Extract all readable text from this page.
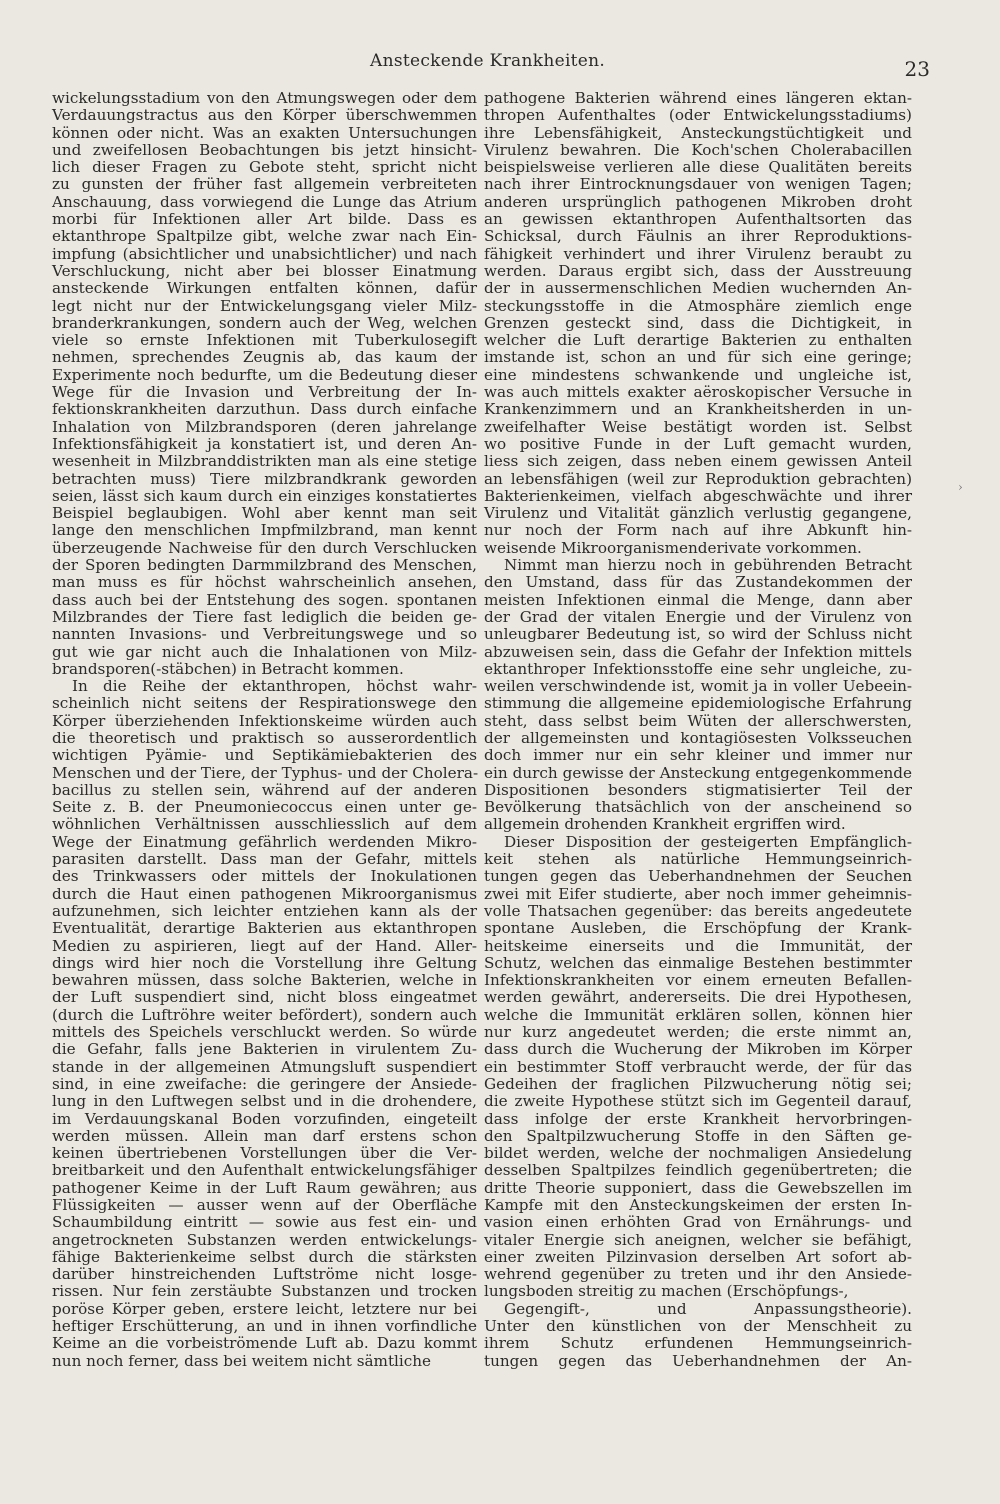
Ansteckende Krankheiten.	23
wickelungsstadium von den Atmungswegen oder dem
Verdauungstractus aus den Körper überschwemmen
können oder nicht. Was an exakten Untersuchungen
und zweifellosen Beobachtungen bis jetzt hinsicht-
lich dieser Fragen zu Gebote steht, spricht nicht
zu gunsten der früher fast allgemein verbreiteten
Anschauung, dass vorwiegend die Lunge das Atrium
morbi für Infektionen aller Art bilde. Dass es
ektanthrope Spaltpilze gibt, welche zwar nach Ein-
impfung (absichtlicher und unabsichtlicher) und nach
Verschluckung, nicht aber bei blosser Einatmung
ansteckende Wirkungen entfalten können, dafür
legt nicht nur der Entwickelungsgang vieler Milz-
branderkrankungen, sondern auch der Weg, welchen
viele so ernste Infektionen mit Tuberkulosegift
nehmen, sprechendes Zeugnis ab, das kaum der
Experimente noch bedurfte, um die Bedeutung dieser
Wege für die Invasion und Verbreitung der In-
fektionskrankheiten darzuthun. Dass durch einfache
Inhalation von Milzbrandsporen (deren jahrelange
Infektionsfähigkeit ja konstatiert ist, und deren An-
wesenheit in Milzbranddistrikten man als eine stetige
betrachten muss) Tiere milzbrandkrank geworden
seien, lässt sich kaum durch ein einziges konstatiertes
Beispiel beglaubigen. Wohl aber kennt man seit
lange den menschlichen Impfmilzbrand, man kennt
überzeugende Nachweise für den durch Verschlucken
der Sporen bedingten Darmmilzbrand des Menschen,
man muss es für höchst wahrscheinlich ansehen,
dass auch bei der Entstehung des sogen. spontanen
Milzbrandes der Tiere fast lediglich die beiden ge-
nannten Invasions- und Verbreitungswege und so
gut wie gar nicht auch die Inhalationen von Milz-
brandsporen(-stäbchen) in Betracht kommen.
In die Reihe der ektanthropen, höchst wahr-
scheinlich nicht seitens der Respirationswege den
Körper überziehenden Infektionskeime würden auch
die theoretisch und praktisch so ausserordentlich
wichtigen Pyämie- und Septikämiebakterien des
Menschen und der Tiere, der Typhus- und der Cholera-
bacillus zu stellen sein, während auf der anderen
Seite z. B. der Pneumoniecoccus einen unter ge-
wöhnlichen Verhältnissen ausschliesslich auf dem
Wege der Einatmung gefährlich werdenden Mikro-
parasiten darstellt. Dass man der Gefahr, mittels
des Trinkwassers oder mittels der Inokulationen
durch die Haut einen pathogenen Mikroorganismus
aufzunehmen, sich leichter entziehen kann als der
Eventualität, derartige Bakterien aus ektanthropen
Medien zu aspirieren, liegt auf der Hand. Aller-
dings wird hier noch die Vorstellung ihre Geltung
bewahren müssen, dass solche Bakterien, welche in
der Luft suspendiert sind, nicht bloss eingeatmet
(durch die Luftröhre weiter befördert), sondern auch
mittels des Speichels verschluckt werden. So würde
die Gefahr, falls jene Bakterien in virulentem Zu-
stande in der allgemeinen Atmungsluft suspendiert
sind, in eine zweifache: die geringere der Ansiede-
lung in den Luftwegen selbst und in die drohendere,
im Verdauungskanal Boden vorzufinden, eingeteilt
werden müssen. Allein man darf erstens schon
keinen übertriebenen Vorstellungen über die Ver-
breitbarkeit und den Aufenthalt entwickelungsfähiger
pathogener Keime in der Luft Raum gewähren; aus
Flüssigkeiten — ausser wenn auf der Oberfläche
Schaumbildung eintritt — sowie aus fest ein- und
angetrockneten Substanzen werden entwickelungs-
fähige Bakterienkeime selbst durch die stärksten
darüber hinstreichenden Luftströme nicht losge-
rissen. Nur fein zerstäubte Substanzen und trocken
poröse Körper geben, erstere leicht, letztere nur bei
heftiger Erschütterung, an und in ihnen vorfindliche
Keime an die vorbeiströmende Luft ab. Dazu kommt
nun noch ferner, dass bei weitem nicht sämtliche
pathogene Bakterien während eines längeren ektan-
thropen Aufenthaltes (oder Entwickelungsstadiums)
ihre Lebensfähigkeit, Ansteckungstüchtigkeit und
Virulenz bewahren. Die Koch'schen Cholerabacillen
beispielsweise verlieren alle diese Qualitäten bereits
nach ihrer Eintrocknungsdauer von wenigen Tagen;
anderen ursprünglich pathogenen Mikroben droht
an gewissen ektanthropen Aufenthaltsorten das
Schicksal, durch Fäulnis an ihrer Reproduktions-
fähigkeit verhindert und ihrer Virulenz beraubt zu
werden. Daraus ergibt sich, dass der Ausstreuung
der in aussermenschlichen Medien wuchernden An-
steckungsstoffe in die Atmosphäre ziemlich enge
Grenzen gesteckt sind, dass die Dichtigkeit, in
welcher die Luft derartige Bakterien zu enthalten
imstande ist, schon an und für sich eine geringe;
eine mindestens schwankende und ungleiche ist,
was auch mittels exakter aëroskopischer Versuche in
Krankenzimmern und an Krankheitsherden in un-
zweifelhafter Weise bestätigt worden ist. Selbst
wo positive Funde in der Luft gemacht wurden,
liess sich zeigen, dass neben einem gewissen Anteil
an lebensfähigen (weil zur Reproduktion gebrachten)
Bakterienkeimen, vielfach abgeschwächte und ihrer
Virulenz und Vitalität gänzlich verlustig gegangene,
nur noch der Form nach auf ihre Abkunft hin-
weisende Mikroorganismenderivate vorkommen.
Nimmt man hierzu noch in gebührenden Betracht
den Umstand, dass für das Zustandekommen der
meisten Infektionen einmal die Menge, dann aber
der Grad der vitalen Energie und der Virulenz von
unleugbarer Bedeutung ist, so wird der Schluss nicht
abzuweisen sein, dass die Gefahr der Infektion mittels
ektanthroper Infektionsstoffe eine sehr ungleiche, zu-
weilen verschwindende ist, womit ja in voller Uebeein-
stimmung die allgemeine epidemiologische Erfahrung
steht, dass selbst beim Wüten der allerschwersten,
der allgemeinsten und kontagiösesten Volksseuchen
doch immer nur ein sehr kleiner und immer nur
ein durch gewisse der Ansteckung entgegenkommende
Dispositionen besonders stigmatisierter Teil der
Bevölkerung thatsächlich von der anscheinend so
allgemein drohenden Krankheit ergriffen wird.
Dieser Disposition der gesteigerten Empfänglich-
keit stehen als natürliche Hemmungseinrich-
tungen gegen das Ueberhandnehmen der Seuchen
zwei mit Eifer studierte, aber noch immer geheimnis-
volle Thatsachen gegenüber: das bereits angedeutete
spontane Ausleben, die Erschöpfung der Krank-
heitskeime einerseits und die Immunität, der
Schutz, welchen das einmalige Bestehen bestimmter
Infektionskrankheiten vor einem erneuten Befallen-
werden gewährt, andererseits. Die drei Hypothesen,
welche die Immunität erklären sollen, können hier
nur kurz angedeutet werden; die erste nimmt an,
dass durch die Wucherung der Mikroben im Körper
ein bestimmter Stoff verbraucht werde, der für das
Gedeihen der fraglichen Pilzwucherung nötig sei;
die zweite Hypothese stützt sich im Gegenteil darauf,
dass infolge der erste Krankheit hervorbringen-
den Spaltpilzwucherung Stoffe in den Säften ge-
bildet werden, welche der nochmaligen Ansiedelung
desselben Spaltpilzes feindlich gegenübertreten; die
dritte Theorie supponiert, dass die Gewebszellen im
Kampfe mit den Ansteckungskeimen der ersten In-
vasion einen erhöhten Grad von Ernährungs- und
vitaler Energie sich aneignen, welcher sie befähigt,
einer zweiten Pilzinvasion derselben Art sofort ab-
wehrend gegenüber zu treten und ihr den Ansiede-
lungsboden streitig zu machen (Erschöpfungs-,
Gegengift-, und Anpassungstheorie).
Unter den künstlichen von der Menschheit zu
ihrem Schutz erfundenen Hemmungseinrich-
tungen gegen das Ueberhandnehmen der An-
›
